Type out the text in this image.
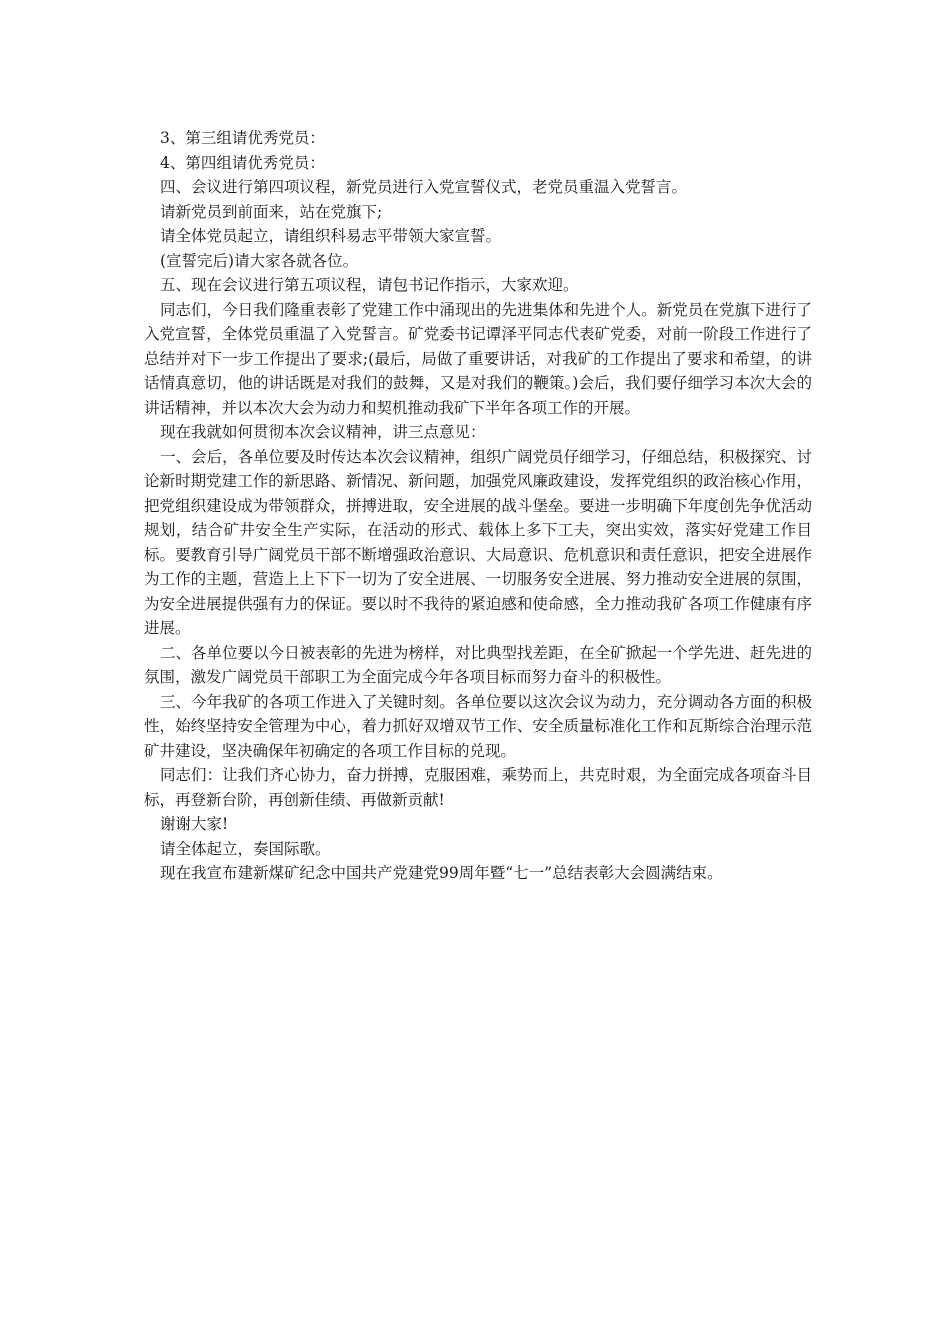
3、第三组请优秀党员：

4、第四组请优秀党员：

四、会议进行第四项议程，新党员进行入党宣誓仪式，老党员重温入党誓言。

请新党员到前面来，站在党旗下;

请全体党员起立，请组织科易志平带领大家宣誓。

(宣誓完后)请大家各就各位。

五、现在会议进行第五项议程，请包书记作指示，大家欢迎。

同志们，今日我们隆重表彰了党建工作中涌现出的先进集体和先进个人。新党员在党旗下进行了入党宣誓，全体党员重温了入党誓言。矿党委书记谭泽平同志代表矿党委，对前一阶段工作进行了总结并对下一步工作提出了要求;(最后，局做了重要讲话，对我矿的工作提出了要求和希望，的讲话情真意切，他的讲话既是对我们的鼓舞，又是对我们的鞭策。)会后，我们要仔细学习本次大会的讲话精神，并以本次大会为动力和契机推动我矿下半年各项工作的开展。

现在我就如何贯彻本次会议精神，讲三点意见：

一、会后，各单位要及时传达本次会议精神，组织广阔党员仔细学习，仔细总结，积极探究、讨论新时期党建工作的新思路、新情况、新问题，加强党风廉政建设，发挥党组织的政治核心作用，把党组织建设成为带领群众，拼搏进取，安全进展的战斗堡垒。要进一步明确下年度创先争优活动规划，结合矿井安全生产实际，在活动的形式、载体上多下工夫，突出实效，落实好党建工作目标。要教育引导广阔党员干部不断增强政治意识、大局意识、危机意识和责任意识，把安全进展作为工作的主题，营造上上下下一切为了安全进展、一切服务安全进展、努力推动安全进展的氛围，为安全进展提供强有力的保证。要以时不我待的紧迫感和使命感，全力推动我矿各项工作健康有序进展。

二、各单位要以今日被表彰的先进为榜样，对比典型找差距，在全矿掀起一个学先进、赶先进的氛围，激发广阔党员干部职工为全面完成今年各项目标而努力奋斗的积极性。

三、今年我矿的各项工作进入了关键时刻。各单位要以这次会议为动力，充分调动各方面的积极性，始终坚持安全管理为中心，着力抓好双增双节工作、安全质量标准化工作和瓦斯综合治理示范矿井建设，坚决确保年初确定的各项工作目标的兑现。

同志们：让我们齐心协力，奋力拼搏，克服困难，乘势而上，共克时艰，为全面完成各项奋斗目标，再登新台阶，再创新佳绩、再做新贡献!

谢谢大家!

请全体起立，奏国际歌。

现在我宣布建新煤矿纪念中国共产党建党99周年暨“七一”总结表彰大会圆满结束。
